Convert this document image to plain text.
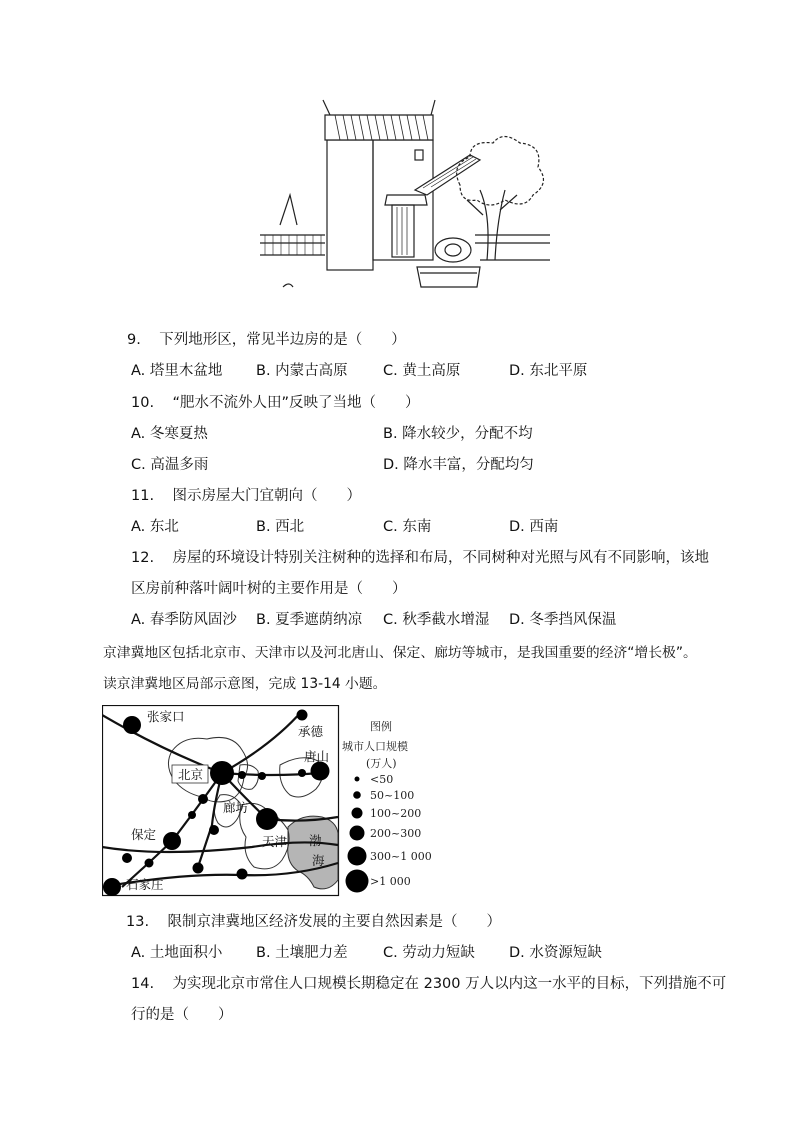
9. 下列地形区，常见半边房的是（　　）
A. 塔里木盆地 B. 内蒙古高原 C. 黄土高原	D. 东北平原
10. “肥水不流外人田”反映了当地（　　）
A. 冬寒夏热	B. 降水较少，分配不均
C. 高温多雨	D. 降水丰富，分配均匀
11. 图示房屋大门宜朝向（　　）
A. 东北	B. 西北	C. 东南	D. 西南
12. 房屋的环境设计特别关注树种的选择和布局，不同树种对光照与风有不同影响，该地
区房前种落叶阔叶树的主要作用是（　　）
A. 春季防风固沙 B. 夏季遮荫纳凉 C. 秋季截水增湿 D. 冬季挡风保温
京津冀地区包括北京市、天津市以及河北唐山、保定、廊坊等城市，是我国重要的经济“增长极”。
读京津冀地区局部示意图，完成 13-14 小题。
张家口
承德
唐山
北京
廊坊
保定	天津
石家庄
渤
海
图例
城市人口规模
(万人)
<50
50~100
100~200
200~300
300~1 000
>1 000
13. 限制京津冀地区经济发展的主要自然因素是（　　）
A. 土地面积小 B. 土壤肥力差 C. 劳动力短缺 D. 水资源短缺
14. 为实现北京市常住人口规模长期稳定在 2300 万人以内这一水平的目标，下列措施不可
行的是（　　）
